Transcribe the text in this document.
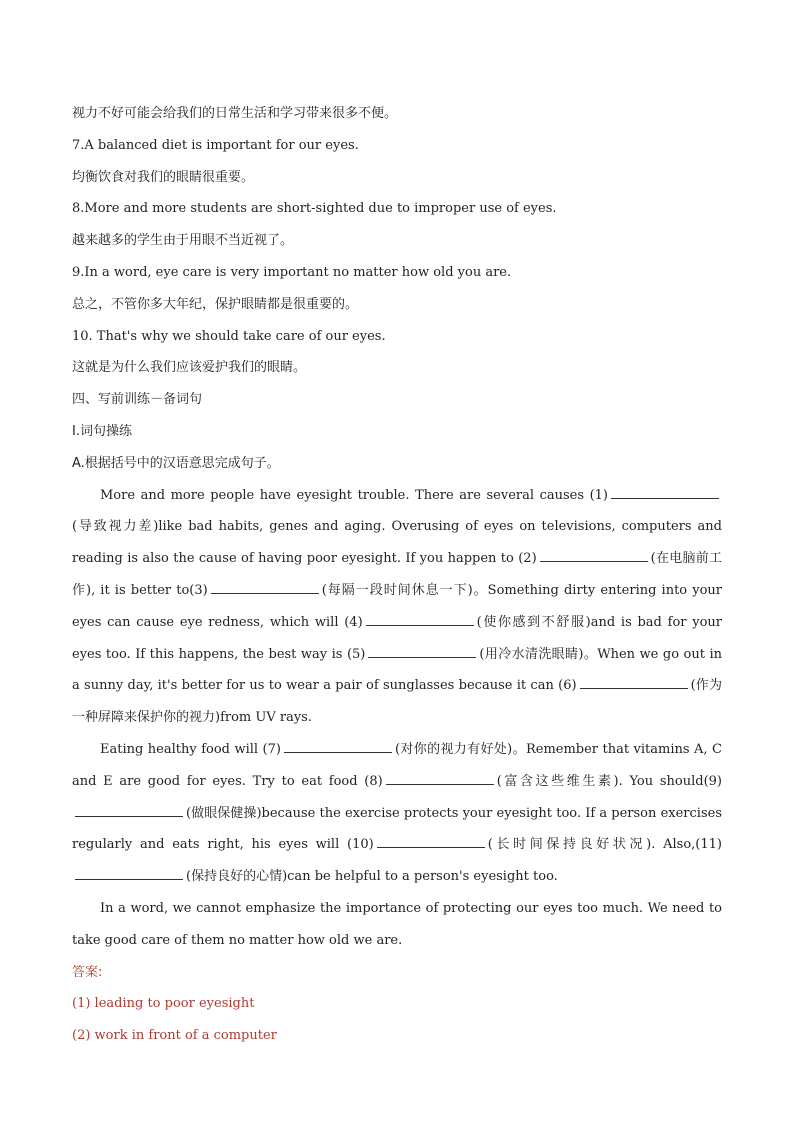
视力不好可能会给我们的日常生活和学习带来很多不便。
7.A balanced diet is important for our eyes.
均衡饮食对我们的眼睛很重要。
8.More and more students are short-sighted due to improper use of eyes.
越来越多的学生由于用眼不当近视了。
9.In a word, eye care is very important no matter how old you are.
总之，不管你多大年纪，保护眼睛都是很重要的。
10. That's why we should take care of our eyes.
这就是为什么我们应该爱护我们的眼睛。
四、写前训练－备词句
I.词句操练
A.根据括号中的汉语意思完成句子。
More and more people have eyesight trouble. There are several causes (1)(导致视力差)like bad habits, genes and aging. Overusing of eyes on televisions, computers and reading is also the cause of having poor eyesight. If you happen to (2)	(在电脑前工作), it is better to(3)	(每隔一段时间休息一下)。Something dirty entering into your eyes can cause eye redness, which will (4)	(使你感到不舒服)and is bad for your eyes too. If this happens, the best way is (5)	(用冷水清洗眼睛)。When we go out in a sunny day, it's better for us to wear a pair of sunglasses because it can (6)	(作为一种屏障来保护你的视力)from UV rays.
Eating healthy food will (7)	(对你的视力有好处)。Remember that vitamins A, C and E are good for eyes. Try to eat food (8)	(富含这些维生素). You should(9)(做眼保健操)because the exercise protects your eyesight too. If a person exercises regularly and eats right, his eyes will (10)	(长时间保持良好状况). Also,(11)(保持良好的心情)can be helpful to a person's eyesight too.
In a word, we cannot emphasize the importance of protecting our eyes too much. We need to take good care of them no matter how old we are.
答案:
(1) leading to poor eyesight
(2) work in front of a computer
